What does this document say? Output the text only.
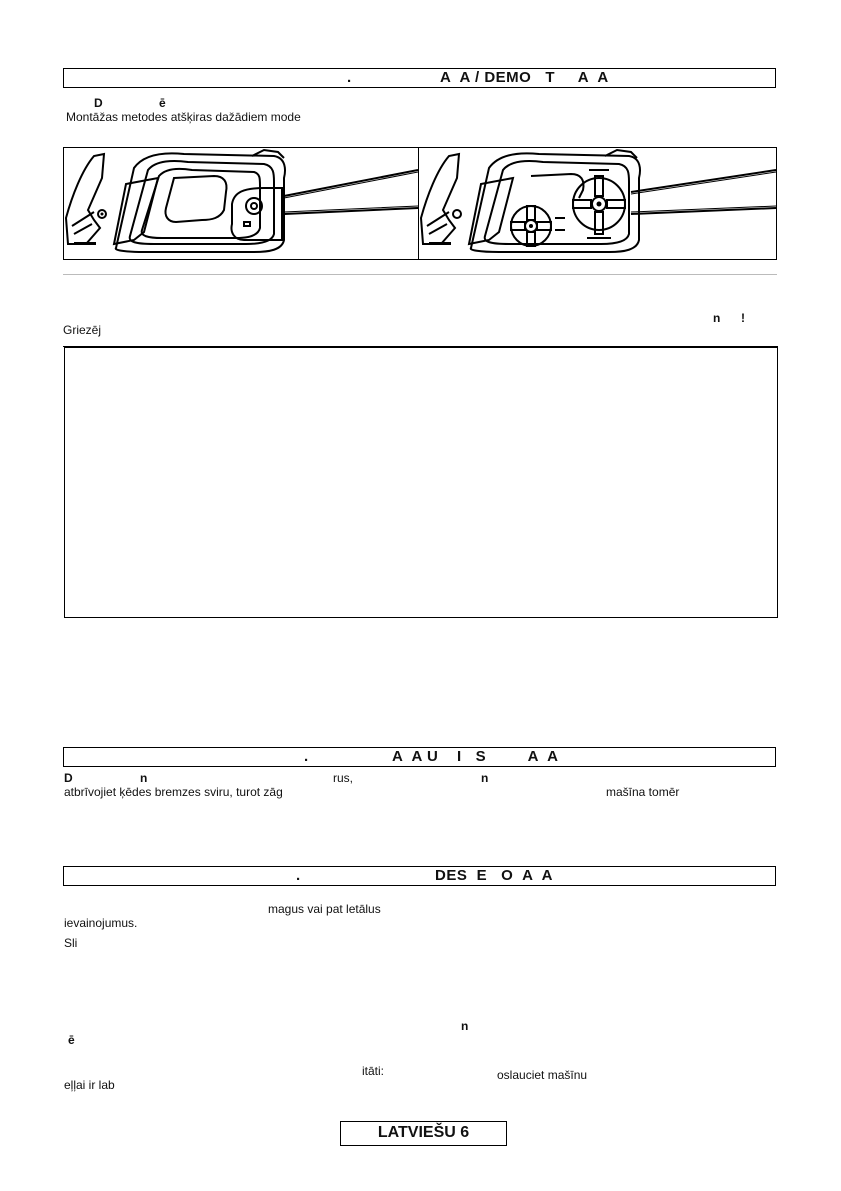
.	A  A / DEMO   T     A  A
D	ē
Montāžas metodes atšķiras dažādiem mode
n !
Griezēj
.	A  A U    I   S         A  A
D	n	rus,	n
atbrīvojiet ķēdes bremzes sviru, turot zāg	mašīna tomēr
.	DES  E   O  A  A
magus vai pat letālus
ievainojumus.
Sli
n
ē
itāti:	oslauciet mašīnu
eļļai ir lab
LATVIEŠU 6
